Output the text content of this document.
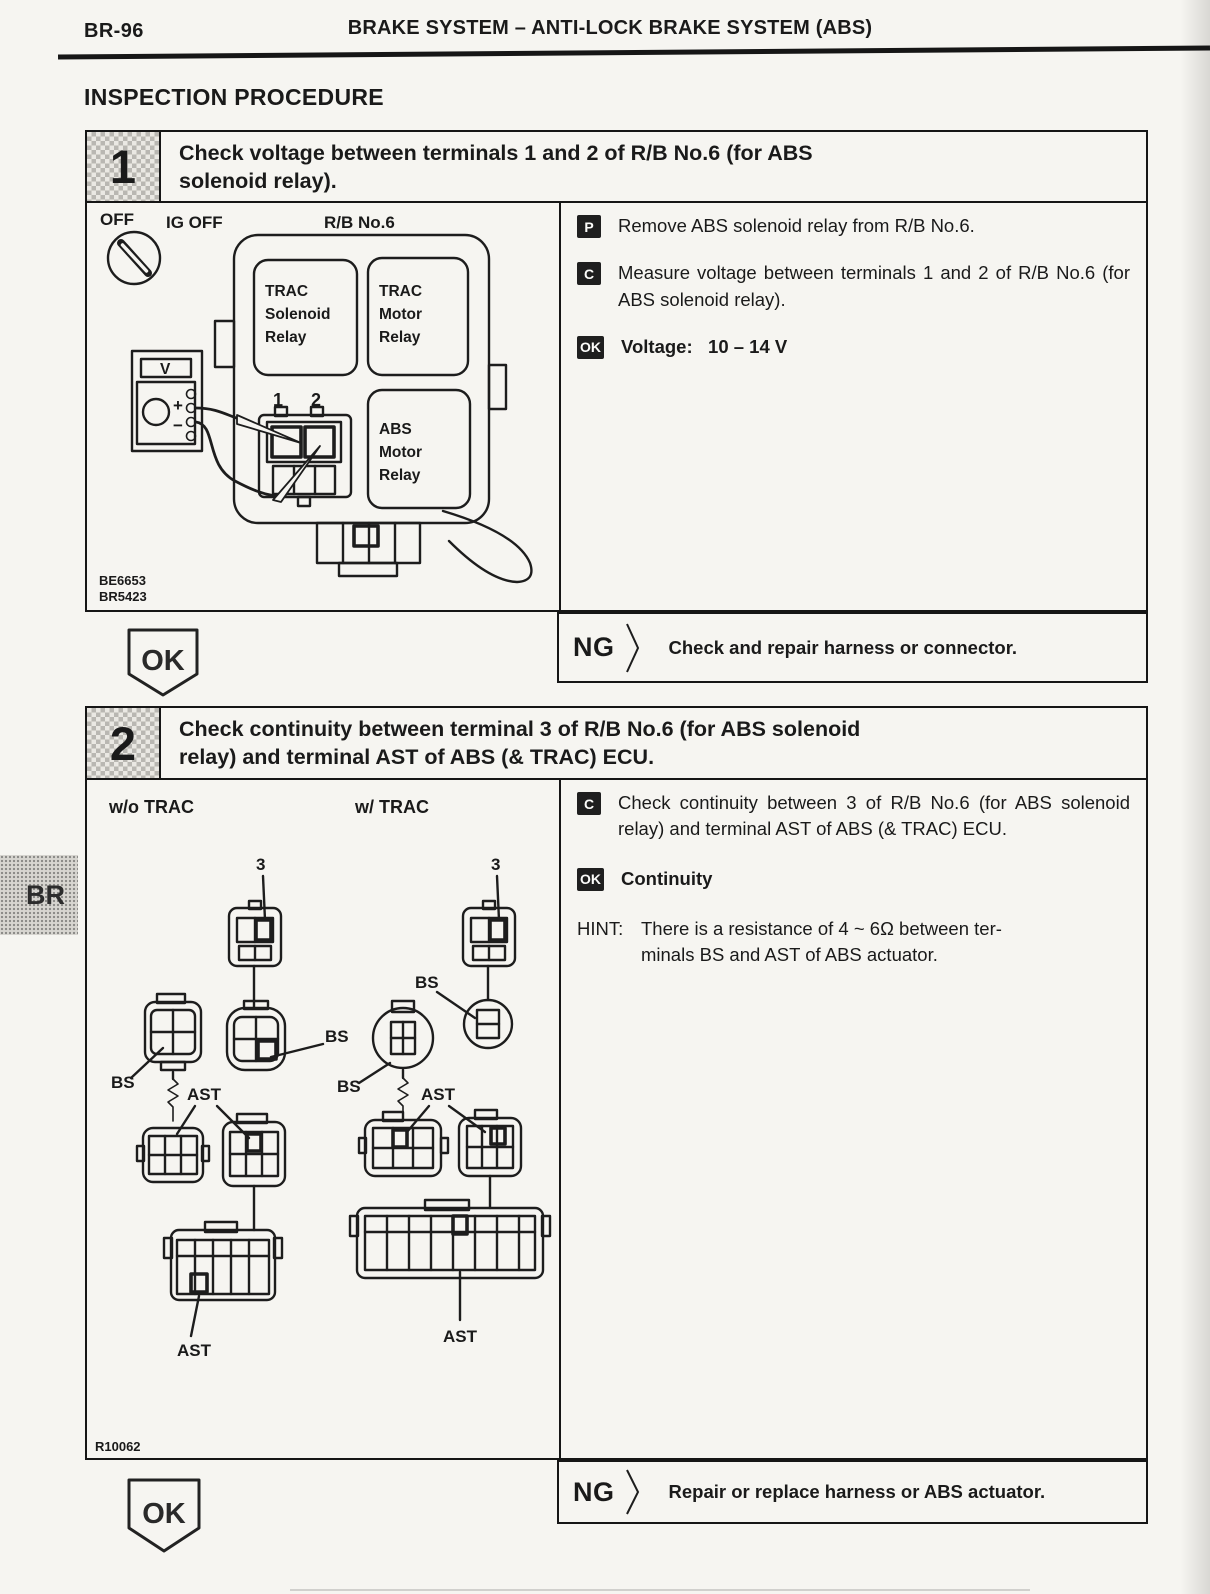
BR-96	BRAKE SYSTEM – ANTI-LOCK BRAKE SYSTEM (ABS)
INSPECTION PROCEDURE
1	Check voltage between terminals 1 and 2 of R/B No.6 (for ABS
solenoid relay).
OFF IG OFF	R/B No.6
TRAC
Solenoid
Relay
TRAC
Motor
Relay
ABS
Motor
Relay
1 2
V
+
−
BE6653
BR5423
P	Remove ABS solenoid relay from R/B No.6.
C	Measure voltage between terminals 1 and 2 of R/B No.6 (for ABS solenoid relay).
OK Voltage:   10 – 14 V
NG	Check and repair harness or connector.
OK
2	Check continuity between terminal 3 of R/B No.6 (for ABS solenoid
relay) and terminal AST of ABS (& TRAC) ECU.
w/o TRAC	w/ TRAC
3
BS
BS
AST
AST
3
BS
BS	AST
AST
R10062
C	Check continuity between 3 of R/B No.6 (for ABS solenoid relay) and terminal AST of ABS (& TRAC) ECU.
OK Continuity
HINT: There is a resistance of 4 ~ 6Ω between ter-
minals BS and AST of ABS actuator.
NG	Repair or replace harness or ABS actuator.
OK
BR
